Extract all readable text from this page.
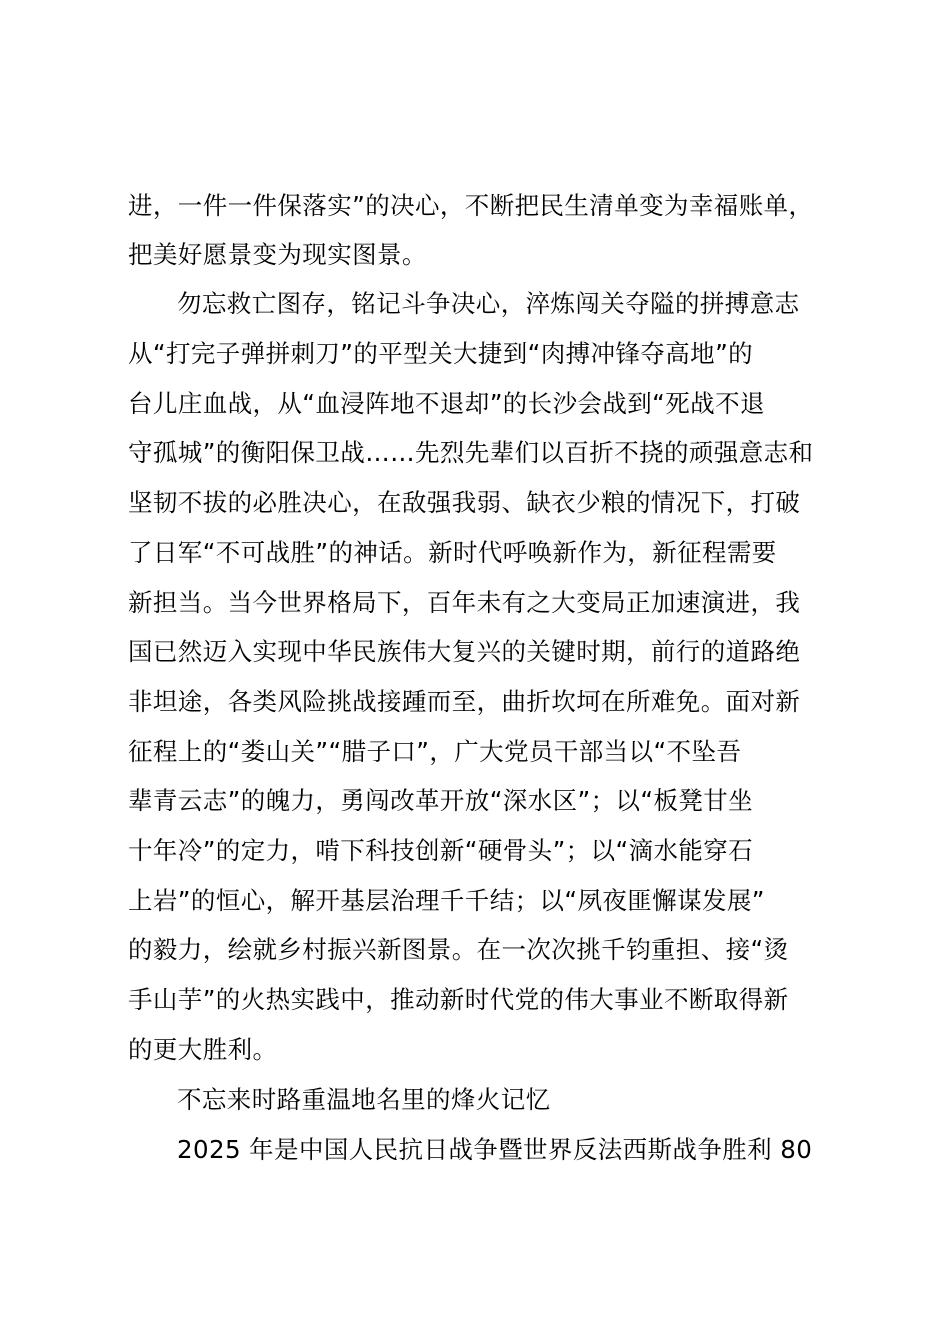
进，一件一件保落实”的决心，不断把民生清单变为幸福账单，
把美好愿景变为现实图景。
勿忘救亡图存，铭记斗争决心，淬炼闯关夺隘的拼搏意志
从“打完子弹拼刺刀”的平型关大捷到“肉搏冲锋夺高地”的
台儿庄血战，从“血浸阵地不退却”的长沙会战到“死战不退
守孤城”的衡阳保卫战……先烈先辈们以百折不挠的顽强意志和
坚韧不拔的必胜决心，在敌强我弱、缺衣少粮的情况下，打破
了日军“不可战胜”的神话。新时代呼唤新作为，新征程需要
新担当。当今世界格局下，百年未有之大变局正加速演进，我
国已然迈入实现中华民族伟大复兴的关键时期，前行的道路绝
非坦途，各类风险挑战接踵而至，曲折坎坷在所难免。面对新
征程上的“娄山关”“腊子口”，广大党员干部当以“不坠吾
辈青云志”的魄力，勇闯改革开放“深水区”；以“板凳甘坐
十年冷”的定力，啃下科技创新“硬骨头”；以“滴水能穿石
上岩”的恒心，解开基层治理千千结；以“夙夜匪懈谋发展”
的毅力，绘就乡村振兴新图景。在一次次挑千钧重担、接“烫
手山芋”的火热实践中，推动新时代党的伟大事业不断取得新
的更大胜利。
不忘来时路重温地名里的烽火记忆
2025 年是中国人民抗日战争暨世界反法西斯战争胜利 80
